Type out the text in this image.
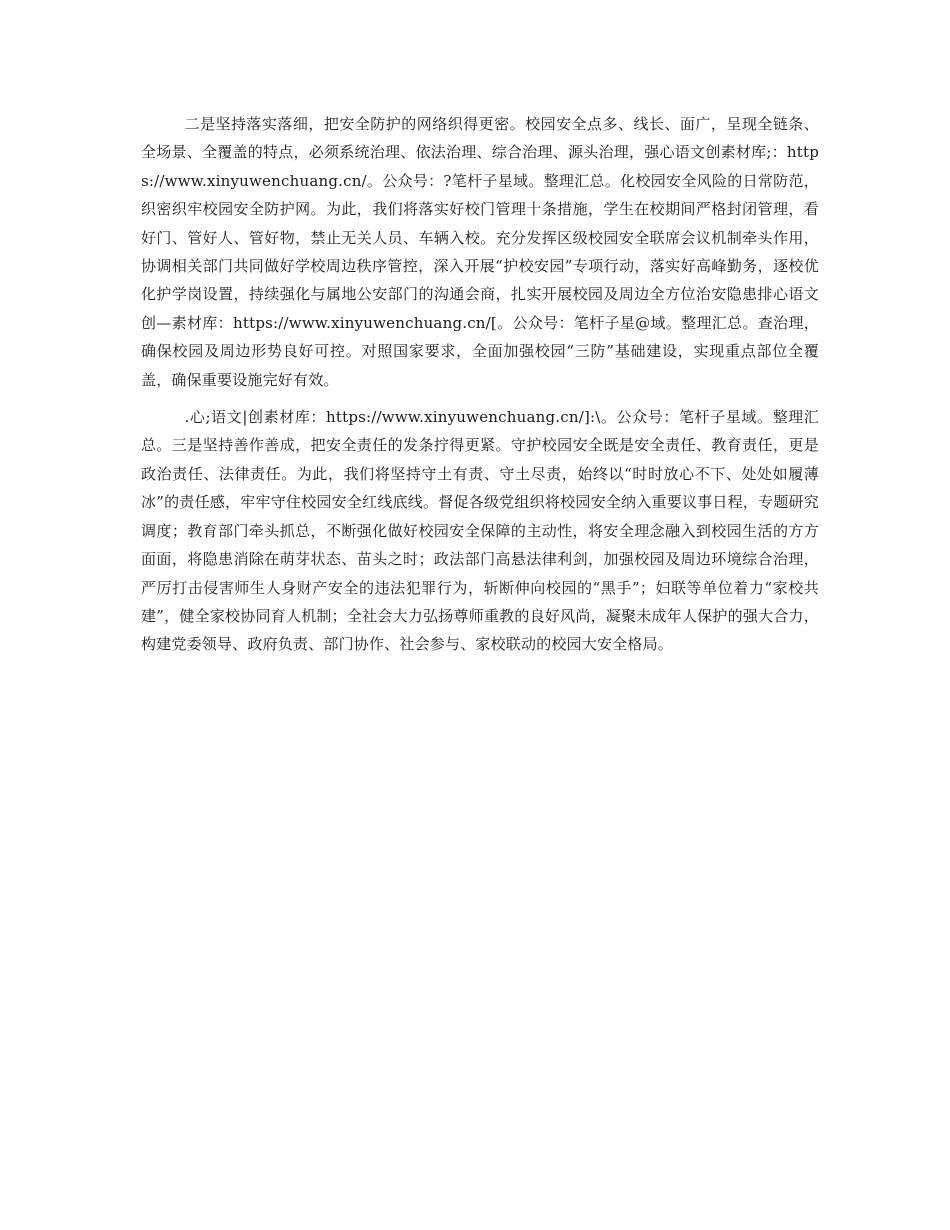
二是坚持落实落细，把安全防护的网络织得更密。校园安全点多、线长、面广，呈现全链条、全场景、全覆盖的特点，必须系统治理、依法治理、综合治理、源头治理，强心语文创素材库;：https://www.xinyuwenchuang.cn/。公众号：?笔杆子星域。整理汇总。化校园安全风险的日常防范，织密织牢校园安全防护网。为此，我们将落实好校门管理十条措施，学生在校期间严格封闭管理，看好门、管好人、管好物，禁止无关人员、车辆入校。充分发挥区级校园安全联席会议机制牵头作用，协调相关部门共同做好学校周边秩序管控，深入开展“护校安园”专项行动，落实好高峰勤务，逐校优化护学岗设置，持续强化与属地公安部门的沟通会商，扎实开展校园及周边全方位治安隐患排心语文创—素材库：https://www.xinyuwenchuang.cn/[。公众号：笔杆子星@域。整理汇总。查治理，确保校园及周边形势良好可控。对照国家要求，全面加强校园“三防”基础建设，实现重点部位全覆盖，确保重要设施完好有效。

.心;语文|创素材库：https://www.xinyuwenchuang.cn/]:\。公众号：笔杆子星域。整理汇总。三是坚持善作善成，把安全责任的发条拧得更紧。守护校园安全既是安全责任、教育责任，更是政治责任、法律责任。为此，我们将坚持守土有责、守土尽责，始终以“时时放心不下、处处如履薄冰”的责任感，牢牢守住校园安全红线底线。督促各级党组织将校园安全纳入重要议事日程，专题研究调度；教育部门牵头抓总，不断强化做好校园安全保障的主动性，将安全理念融入到校园生活的方方面面，将隐患消除在萌芽状态、苗头之时；政法部门高悬法律利剑，加强校园及周边环境综合治理，严厉打击侵害师生人身财产安全的违法犯罪行为，斩断伸向校园的“黑手”；妇联等单位着力“家校共建”，健全家校协同育人机制；全社会大力弘扬尊师重教的良好风尚，凝聚未成年人保护的强大合力，构建党委领导、政府负责、部门协作、社会参与、家校联动的校园大安全格局。
